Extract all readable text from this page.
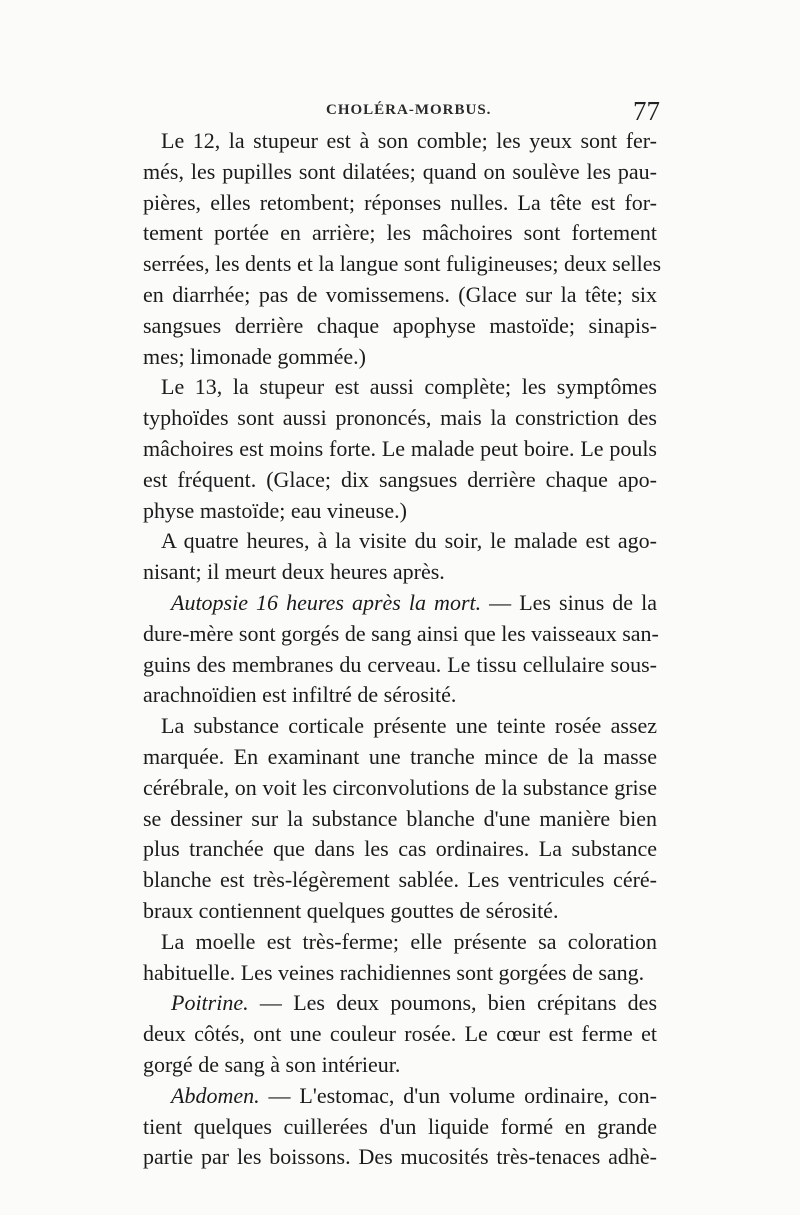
CHOLÉRA-MORBUS.	77
Le 12, la stupeur est à son comble; les yeux sont fer-
més, les pupilles sont dilatées; quand on soulève les pau-
pières, elles retombent; réponses nulles. La tête est for-
tement portée en arrière; les mâchoires sont fortement
serrées, les dents et la langue sont fuligineuses; deux selles
en diarrhée; pas de vomissemens. (Glace sur la tête; six
sangsues derrière chaque apophyse mastoïde; sinapis-
mes; limonade gommée.)
Le 13, la stupeur est aussi complète; les symptômes
typhoïdes sont aussi prononcés, mais la constriction des
mâchoires est moins forte. Le malade peut boire. Le pouls
est fréquent. (Glace; dix sangsues derrière chaque apo-
physe mastoïde; eau vineuse.)
A quatre heures, à la visite du soir, le malade est ago-
nisant; il meurt deux heures après.
Autopsie 16 heures après la mort. — Les sinus de la
dure-mère sont gorgés de sang ainsi que les vaisseaux san-
guins des membranes du cerveau. Le tissu cellulaire sous-
arachnoïdien est infiltré de sérosité.
La substance corticale présente une teinte rosée assez
marquée. En examinant une tranche mince de la masse
cérébrale, on voit les circonvolutions de la substance grise
se dessiner sur la substance blanche d'une manière bien
plus tranchée que dans les cas ordinaires. La substance
blanche est très-légèrement sablée. Les ventricules céré-
braux contiennent quelques gouttes de sérosité.
La moelle est très-ferme; elle présente sa coloration
habituelle. Les veines rachidiennes sont gorgées de sang.
Poitrine. — Les deux poumons, bien crépitans des
deux côtés, ont une couleur rosée. Le cœur est ferme et
gorgé de sang à son intérieur.
Abdomen. — L'estomac, d'un volume ordinaire, con-
tient quelques cuillerées d'un liquide formé en grande
partie par les boissons. Des mucosités très-tenaces adhè-
